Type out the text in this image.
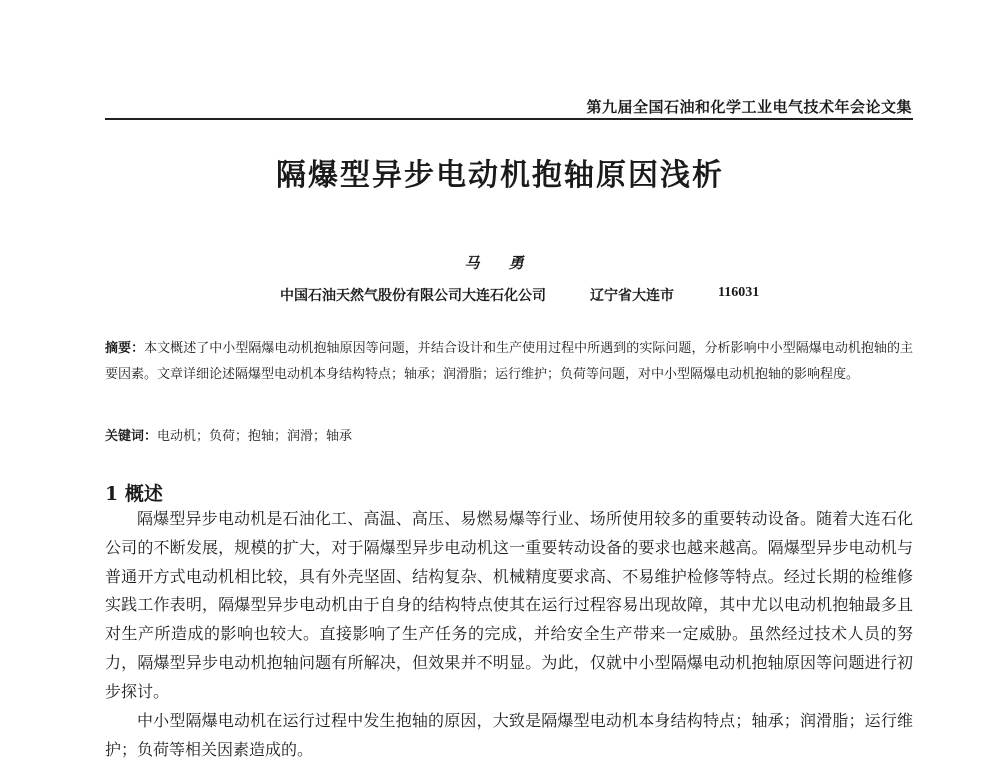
第九届全国石油和化学工业电气技术年会论文集
隔爆型异步电动机抱轴原因浅析
马 勇
中国石油天然气股份有限公司大连石化公司	辽宁省大连市	116031
摘要：本文概述了中小型隔爆电动机抱轴原因等问题，并结合设计和生产使用过程中所遇到的实际问题，分析影响中小型隔爆电动机抱轴的主要因素。文章详细论述隔爆型电动机本身结构特点；轴承；润滑脂；运行维护；负荷等问题，对中小型隔爆电动机抱轴的影响程度。
关键词：电动机；负荷；抱轴；润滑；轴承
1 概述

隔爆型异步电动机是石油化工、高温、高压、易燃易爆等行业、场所使用较多的重要转动设备。随着大连石化公司的不断发展，规模的扩大，对于隔爆型异步电动机这一重要转动设备的要求也越来越高。隔爆型异步电动机与普通开方式电动机相比较，具有外壳坚固、结构复杂、机械精度要求高、不易维护检修等特点。经过长期的检维修实践工作表明，隔爆型异步电动机由于自身的结构特点使其在运行过程容易出现故障，其中尤以电动机抱轴最多且对生产所造成的影响也较大。直接影响了生产任务的完成，并给安全生产带来一定威胁。虽然经过技术人员的努力，隔爆型异步电动机抱轴问题有所解决，但效果并不明显。为此，仅就中小型隔爆电动机抱轴原因等问题进行初步探讨。

中小型隔爆电动机在运行过程中发生抱轴的原因，大致是隔爆型电动机本身结构特点；轴承；润滑脂；运行维护；负荷等相关因素造成的。
